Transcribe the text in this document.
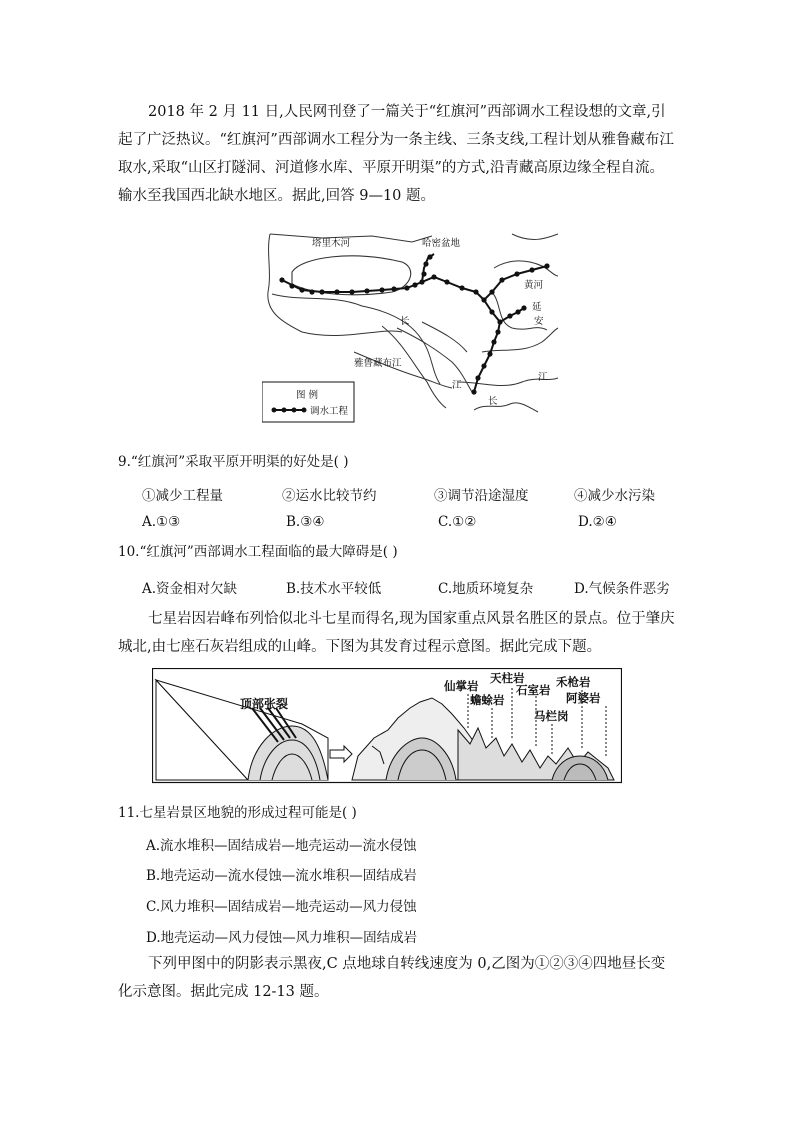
2018 年 2 月 11 日,人民网刊登了一篇关于“红旗河”西部调水工程设想的文章,引起了广泛热议。“红旗河”西部调水工程分为一条主线、三条支线,工程计划从雅鲁藏布江取水,采取“山区打隧洞、河道修水库、平原开明渠”的方式,沿青藏高原边缘全程自流。输水至我国西北缺水地区。据此,回答 9—10 题。
塔里木河	哈密盆地
黄河
延
安
长
雅鲁藏布江
江
江
长
图 例
调水工程
9.“红旗河”采取平原开明渠的好处是( )
①减少工程量	②运水比较节约	③调节沿途湿度	④减少水污染
A.①③	B.③④	C.①②	D.②④
10.“红旗河”西部调水工程面临的最大障碍是( )
A.资金相对欠缺	B.技术水平较低	C.地质环境复杂	D.气候条件恶劣
七星岩因岩峰布列恰似北斗七星而得名,现为国家重点风景名胜区的景点。位于肇庆城北,由七座石灰岩组成的山峰。下图为其发育过程示意图。据此完成下题。
顶部张裂
仙掌岩
蟾蜍岩
天柱岩
石室岩
禾枪岩
阿婆岩
马栏岗
11.七星岩景区地貌的形成过程可能是( )
A.流水堆积—固结成岩—地壳运动—流水侵蚀
B.地壳运动—流水侵蚀—流水堆积—固结成岩
C.风力堆积—固结成岩—地壳运动—风力侵蚀
D.地壳运动—风力侵蚀—风力堆积—固结成岩
下列甲图中的阴影表示黑夜,C 点地球自转线速度为 0,乙图为①②③④四地昼长变化示意图。据此完成 12-13 题。
